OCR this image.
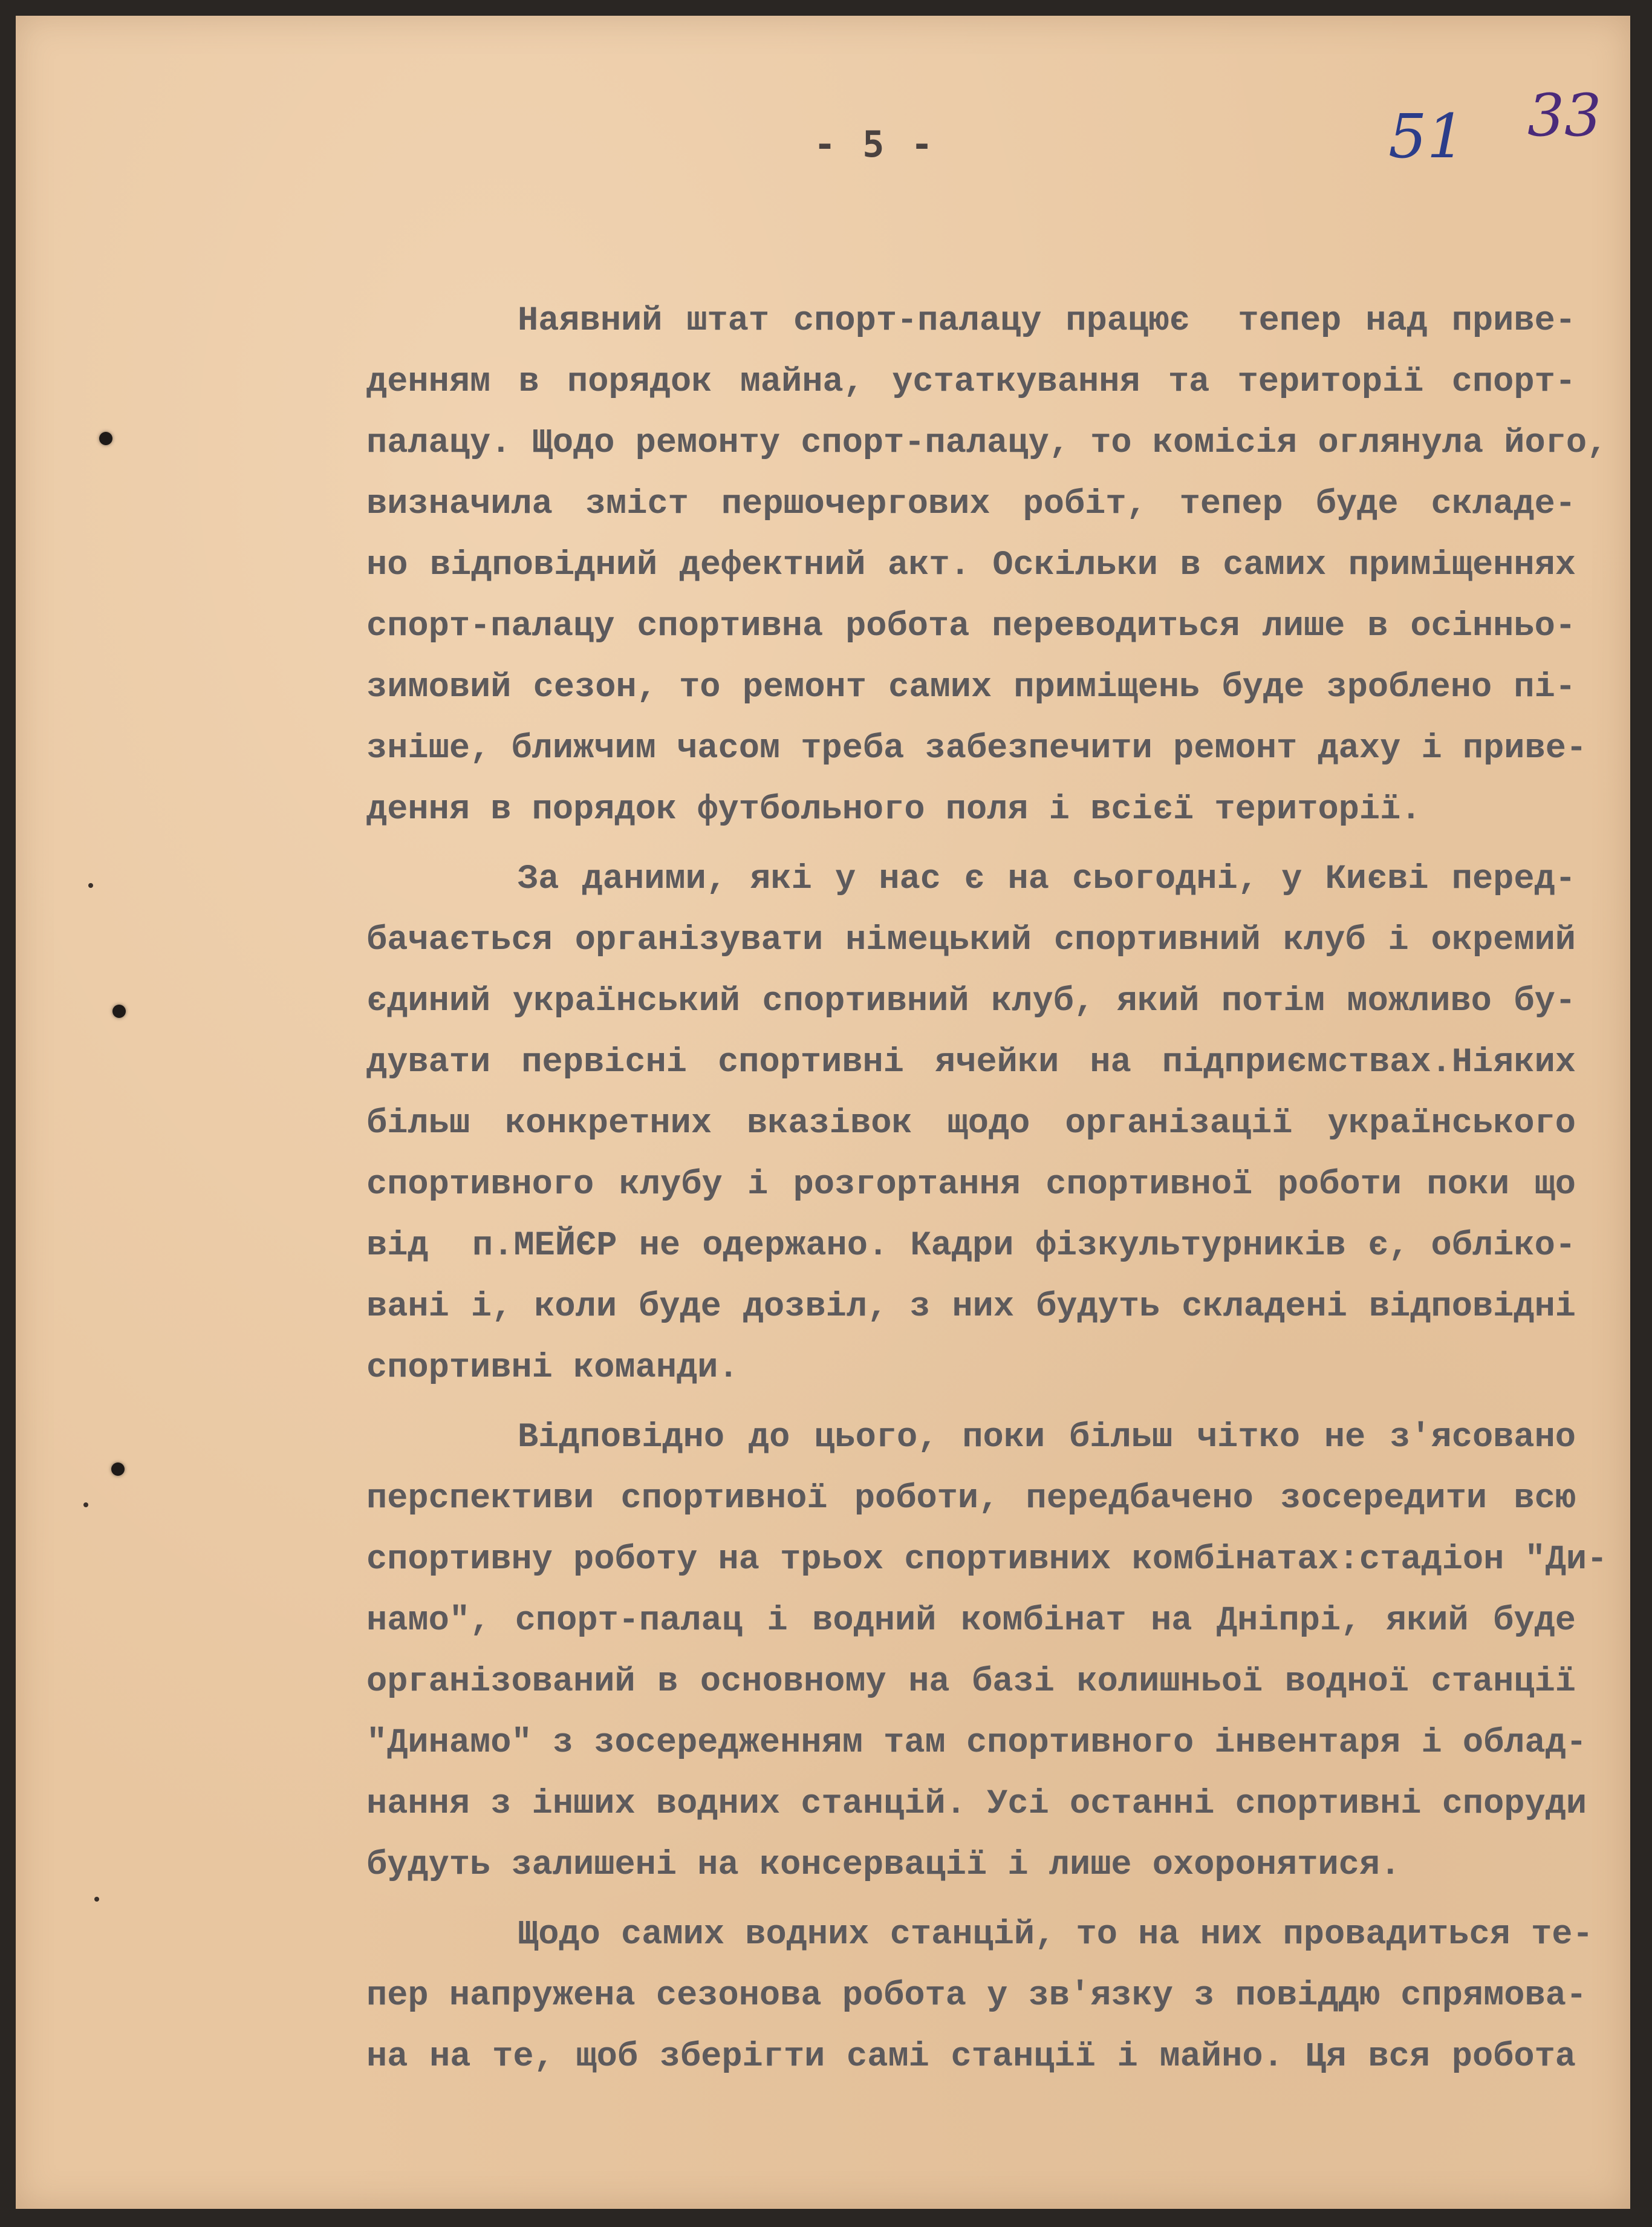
- 5 -	51 33
Наявний штат спорт-палацу працює  тепер над приве-
денням в порядок майна, устаткування та території спорт-
палацу. Щодо ремонту спорт-палацу, то комісія оглянула його,
визначила зміст першочергових робіт, тепер буде складе-
но відповідний дефектний акт. Оскільки в самих приміщеннях
спорт-палацу спортивна робота переводиться лише в осінньо-
зимовий сезон, то ремонт самих приміщень буде зроблено пі-
зніше, ближчим часом треба забезпечити ремонт даху і приве-
дення в порядок футбольного поля і всієї території.
За даними, які у нас є на сьогодні, у Києві перед-
бачається організувати німецький спортивний клуб і окремий
єдиний український спортивний клуб, який потім можливо бу-
дувати первісні спортивні ячейки на підприємствах.Ніяких
більш конкретних вказівок щодо організації українського
спортивного клубу і розгортання спортивної роботи поки що
від  п.МЕЙЄР не одержано. Кадри фізкультурників є, облікo-
вані і, коли буде дозвіл, з них будуть складені відповідні
спортивні команди.
Відповідно до цього, поки більш чітко не з'ясовано
перспективи спортивної роботи, передбачено зосередити всю
спортивну роботу на трьох спортивних комбінатах:стадіон "Ди-
намо", спорт-палац і водний комбінат на Дніпрі, який буде
організований в основному на базі колишньої водної станції
"Динамо" з зосередженням там спортивного інвентаря і облад-
нання з інших водних станцій. Усі останні спортивні споруди
будуть залишені на консервації і лише охоронятися.
Щодо самих водних станцій, то на них провадиться те-
пер напружена сезонова робота у зв'язку з повіддю спрямова-
на на те, щоб зберігти самі станції і майно. Ця вся робота
